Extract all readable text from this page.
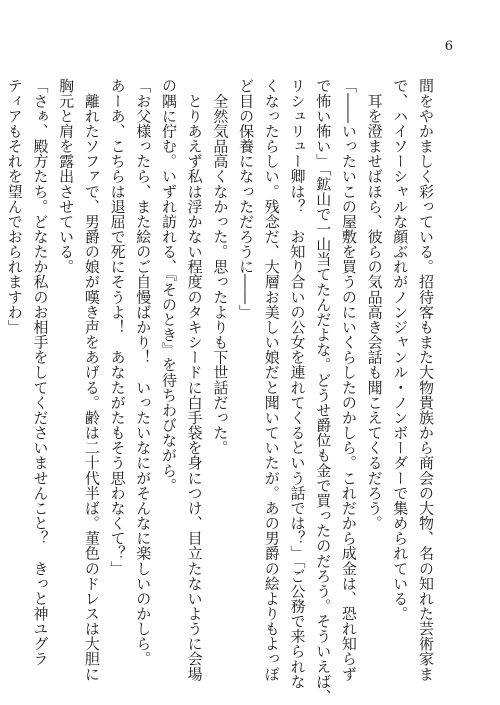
6
間をやかましく彩っている。招待客もまた大物貴族から商会の大物、名の知れた芸術家ま
で、ハイソーシャルな顔ぶれがノンジャンル・ノンボーダーで集められている。
　耳を澄ませばほら、彼らの気品高き会話も聞こえてくるだろう。
「――いったいこの屋敷を買うのにいくらしたのかしら。これだから成金は、恐れ知らず
で怖い怖い」「鉱山で一山当てたんだよな。どうせ爵位も金で買ったのだろう。そういえば、
リシュリュー卿は？　お知り合いの公女を連れてくるという話では？」「ご公務で来られな
くなったらしい。残念だ、大層お美しい娘だと聞いていたが。あの男爵の絵よりもよっぽ
ど目の保養になっただろうに――」
　全然気品高くなかった。思ったよりも下世話だった。
　とりあえず私は浮かない程度のタキシードに白手袋を身につけ、目立たないように会場
の隅に佇む。いずれ訪れる、『そのとき』を待ちわびながら。
「お父様ったら、また絵のご自慢ばかり！　いったいなにがそんなに楽しいのかしら。
あーあ、こちらは退屈で死にそうよ！　あなたがたもそう思わなくて？」
　離れたソファで、男爵の娘が嘆き声をあげる。齢は二十代半ば。菫色のドレスは大胆に
胸元と肩を露出させている。
「さぁ、殿方たち。どなたか私のお相手をしてくださいませんこと？　きっと神ユグラ
ティアもそれを望んでおられますわ」
